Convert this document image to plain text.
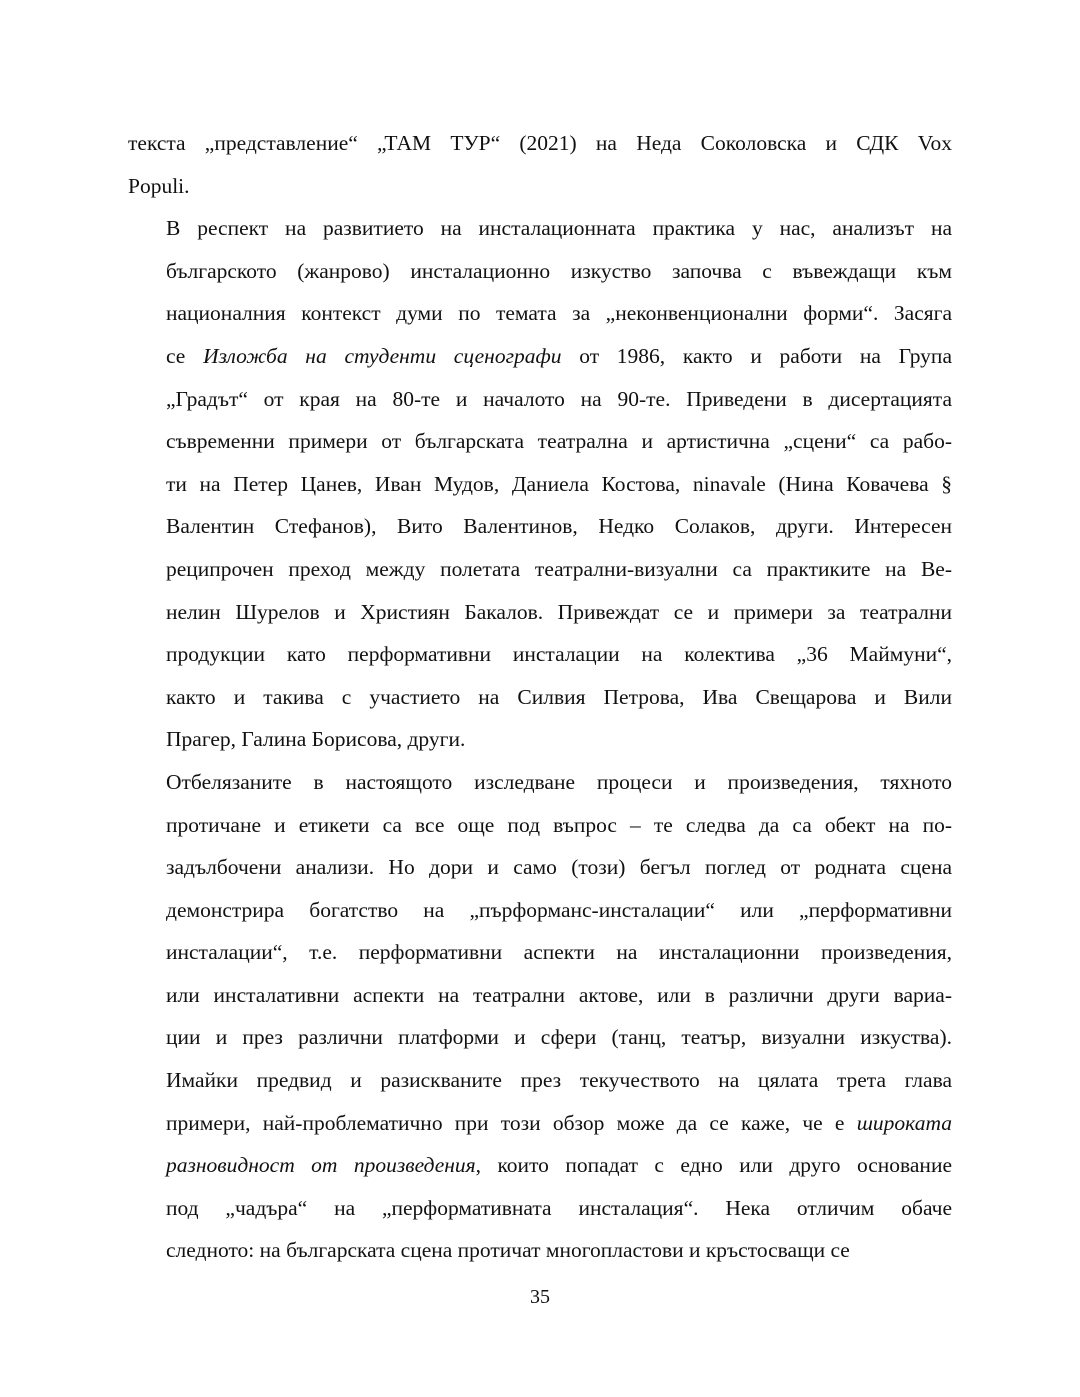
текста „представление“ „ТАМ ТУР“ (2021) на Неда Соколовска и СДК Vox
Populi.

В респект на развитието на инсталационната практика у нас, анализът на
българското (жанрово) инсталационно изкуство започва с въвеждащи към
националния контекст думи по темата за „неконвенционални форми“. Засяга
се Изложба на студенти сценографи от 1986, както и работи на Група
„Градът“ от края на 80-те и началото на 90-те. Приведени в дисертацията
съвременни примери от българската театрална и артистична „сцени“ са рабо-
ти на Петер Цанев, Иван Мудов, Даниела Костова, ninavale (Нина Ковачева §
Валентин Стефанов), Вито Валентинов, Недко Солаков, други. Интересен
реципрочен преход между полетата театрални-визуални са практиките на Ве-
нелин Шурелов и Християн Бакалов. Привеждат се и примери за театрални
продукции като перформативни инсталации на колектива „36 Маймуни“,
както и такива с участието на Силвия Петрова, Ива Свещарова и Вили
Прагер, Галина Борисова, други.

Отбелязаните в настоящото изследване процеси и произведения, тяхното
протичане и етикети са все още под въпрос – те следва да са обект на по-
задълбочени анализи. Но дори и само (този) бегъл поглед от родната сцена
демонстрира богатство на „пърформанс-инсталации“ или „перформативни
инсталации“, т.е. перформативни аспекти на инсталационни произведения,
или инсталативни аспекти на театрални актове, или в различни други вариа-
ции и през различни платформи и сфери (танц, театър, визуални изкуства).
Имайки предвид и разискваните през текучеството на цялата трета глава
примери, най-проблематично при този обзор може да се каже, че е широката
разновидност от произведения, които попадат с едно или друго основание
под „чадъра“ на „перформативната инсталация“. Нека отличим обаче
следното: на българската сцена протичат многопластови и кръстосващи се

35
